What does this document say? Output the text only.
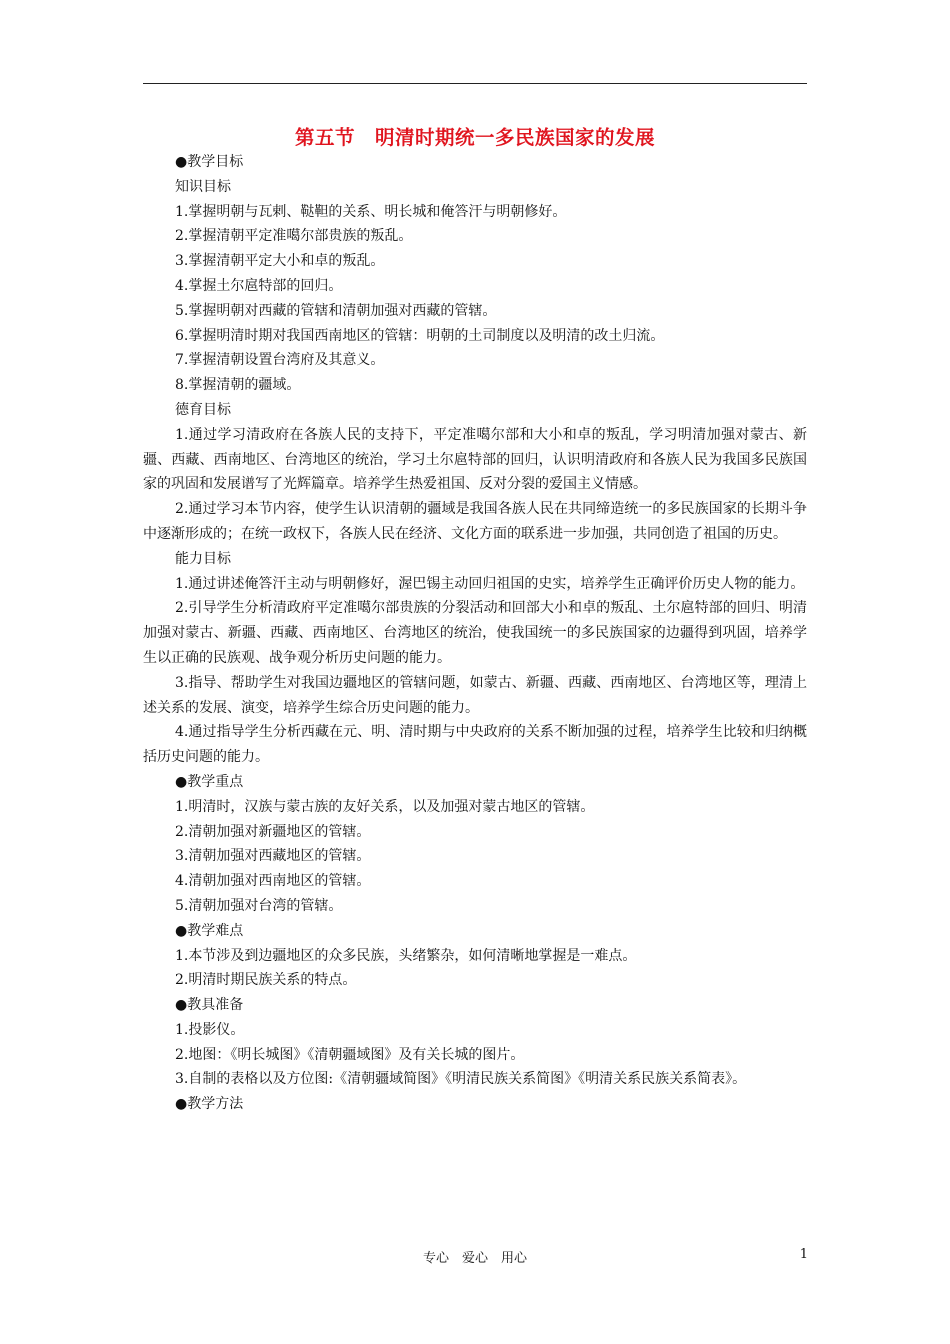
第五节　明清时期统一多民族国家的发展

●教学目标

知识目标

1.掌握明朝与瓦剌、鞑靼的关系、明长城和俺答汗与明朝修好。

2.掌握清朝平定准噶尔部贵族的叛乱。

3.掌握清朝平定大小和卓的叛乱。

4.掌握土尔扈特部的回归。

5.掌握明朝对西藏的管辖和清朝加强对西藏的管辖。

6.掌握明清时期对我国西南地区的管辖：明朝的土司制度以及明清的改土归流。

7.掌握清朝设置台湾府及其意义。

8.掌握清朝的疆域。

德育目标

1.通过学习清政府在各族人民的支持下，平定准噶尔部和大小和卓的叛乱，学习明清加强对蒙古、新疆、西藏、西南地区、台湾地区的统治，学习土尔扈特部的回归，认识明清政府和各族人民为我国多民族国家的巩固和发展谱写了光辉篇章。培养学生热爱祖国、反对分裂的爱国主义情感。

2.通过学习本节内容，使学生认识清朝的疆域是我国各族人民在共同缔造统一的多民族国家的长期斗争中逐渐形成的；在统一政权下，各族人民在经济、文化方面的联系进一步加强，共同创造了祖国的历史。

能力目标

1.通过讲述俺答汗主动与明朝修好，渥巴锡主动回归祖国的史实，培养学生正确评价历史人物的能力。

2.引导学生分析清政府平定准噶尔部贵族的分裂活动和回部大小和卓的叛乱、土尔扈特部的回归、明清加强对蒙古、新疆、西藏、西南地区、台湾地区的统治，使我国统一的多民族国家的边疆得到巩固，培养学生以正确的民族观、战争观分析历史问题的能力。

3.指导、帮助学生对我国边疆地区的管辖问题，如蒙古、新疆、西藏、西南地区、台湾地区等，理清上述关系的发展、演变，培养学生综合历史问题的能力。

4.通过指导学生分析西藏在元、明、清时期与中央政府的关系不断加强的过程，培养学生比较和归纳概括历史问题的能力。

●教学重点

1.明清时，汉族与蒙古族的友好关系，以及加强对蒙古地区的管辖。

2.清朝加强对新疆地区的管辖。

3.清朝加强对西藏地区的管辖。

4.清朝加强对西南地区的管辖。

5.清朝加强对台湾的管辖。

●教学难点

1.本节涉及到边疆地区的众多民族，头绪繁杂，如何清晰地掌握是一难点。

2.明清时期民族关系的特点。

●教具准备

1.投影仪。

2.地图：《明长城图》《清朝疆域图》及有关长城的图片。

3.自制的表格以及方位图:《清朝疆域简图》《明清民族关系简图》《明清关系民族关系简表》。

●教学方法

专心　爱心　用心	1
